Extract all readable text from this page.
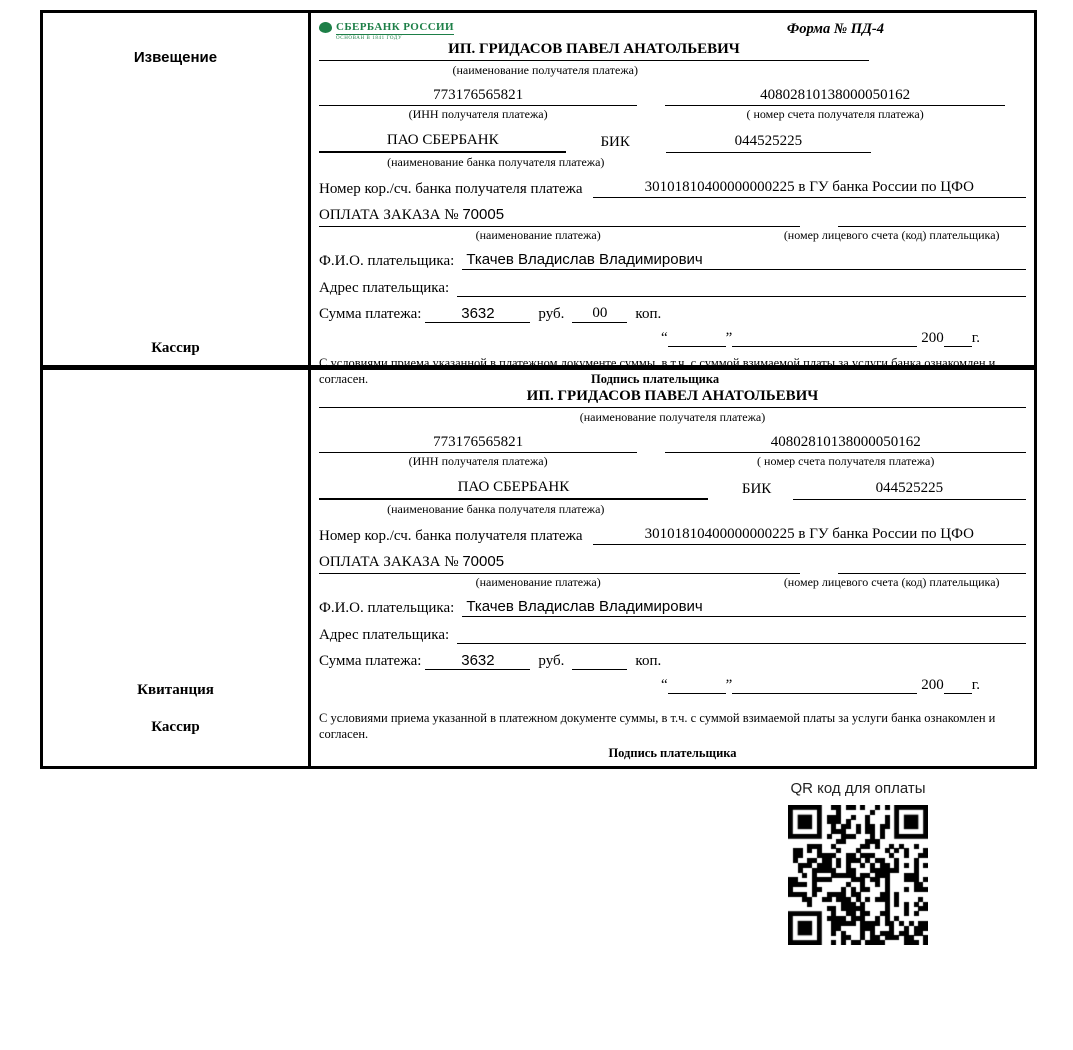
Извещение
Кассир
СБЕРБАНК РОССИИ
ОСНОВАН В 1841 ГОДУ
Форма № ПД-4
ИП. ГРИДАСОВ ПАВЕЛ АНАТОЛЬЕВИЧ
(наименование получателя платежа)
773176565821	40802810138000050162
(ИНН получателя платежа)	( номер счета получателя платежа)
ПАО СБЕРБАНК	БИК	044525225
(наименование банка получателя платежа)
Номер кор./сч. банка получателя платежа	30101810400000000225 в ГУ банка России по ЦФО
ОПЛАТА ЗАКАЗА № 70005
(наименование платежа)	(номер лицевого счета (код) плательщика)
Ф.И.О. плательщика: Ткачев Владислав Владимирович
Адрес плательщика:
Сумма платежа:	3632	руб.	00	коп.
“	”	200 г.
С условиями приема указанной в платежном документе суммы, в т.ч. с суммой взимаемой платы за услуги банка ознакомлен и согласен.	Подпись плательщика
Квитанция
Кассир
ИП. ГРИДАСОВ ПАВЕЛ АНАТОЛЬЕВИЧ
(наименование получателя платежа)
773176565821	40802810138000050162
(ИНН получателя платежа)	( номер счета получателя платежа)
ПАО СБЕРБАНК	БИК	044525225
(наименование банка получателя платежа)
Номер кор./сч. банка получателя платежа	30101810400000000225 в ГУ банка России по ЦФО
ОПЛАТА ЗАКАЗА № 70005
(наименование платежа)	(номер лицевого счета (код) плательщика)
Ф.И.О. плательщика: Ткачев Владислав Владимирович
Адрес плательщика:
Сумма платежа:	3632	руб.	коп.
“	”	200 г.
С условиями приема указанной в платежном документе суммы, в т.ч. с суммой взимаемой платы за услуги банка ознакомлен и согласен.
Подпись плательщика
QR код для оплаты
